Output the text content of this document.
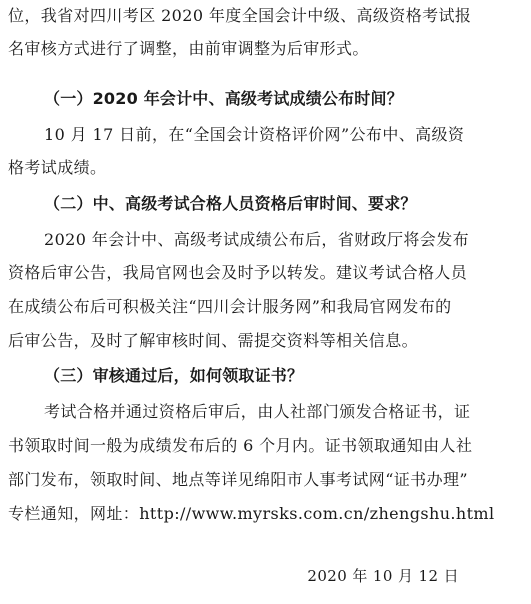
位，我省对四川考区 2020 年度全国会计中级、高级资格考试报
名审核方式进行了调整，由前审调整为后审形式。
（一）2020 年会计中、高级考试成绩公布时间？
10 月 17 日前，在“全国会计资格评价网”公布中、高级资
格考试成绩。
（二）中、高级考试合格人员资格后审时间、要求？
2020 年会计中、高级考试成绩公布后，省财政厅将会发布
资格后审公告，我局官网也会及时予以转发。建议考试合格人员
在成绩公布后可积极关注“四川会计服务网”和我局官网发布的
后审公告，及时了解审核时间、需提交资料等相关信息。
（三）审核通过后，如何领取证书？
考试合格并通过资格后审后，由人社部门颁发合格证书，证
书领取时间一般为成绩发布后的 6 个月内。证书领取通知由人社
部门发布，领取时间、地点等详见绵阳市人事考试网“证书办理”
专栏通知，网址：http://www.myrsks.com.cn/zhengshu.html
2020 年 10 月 12 日
